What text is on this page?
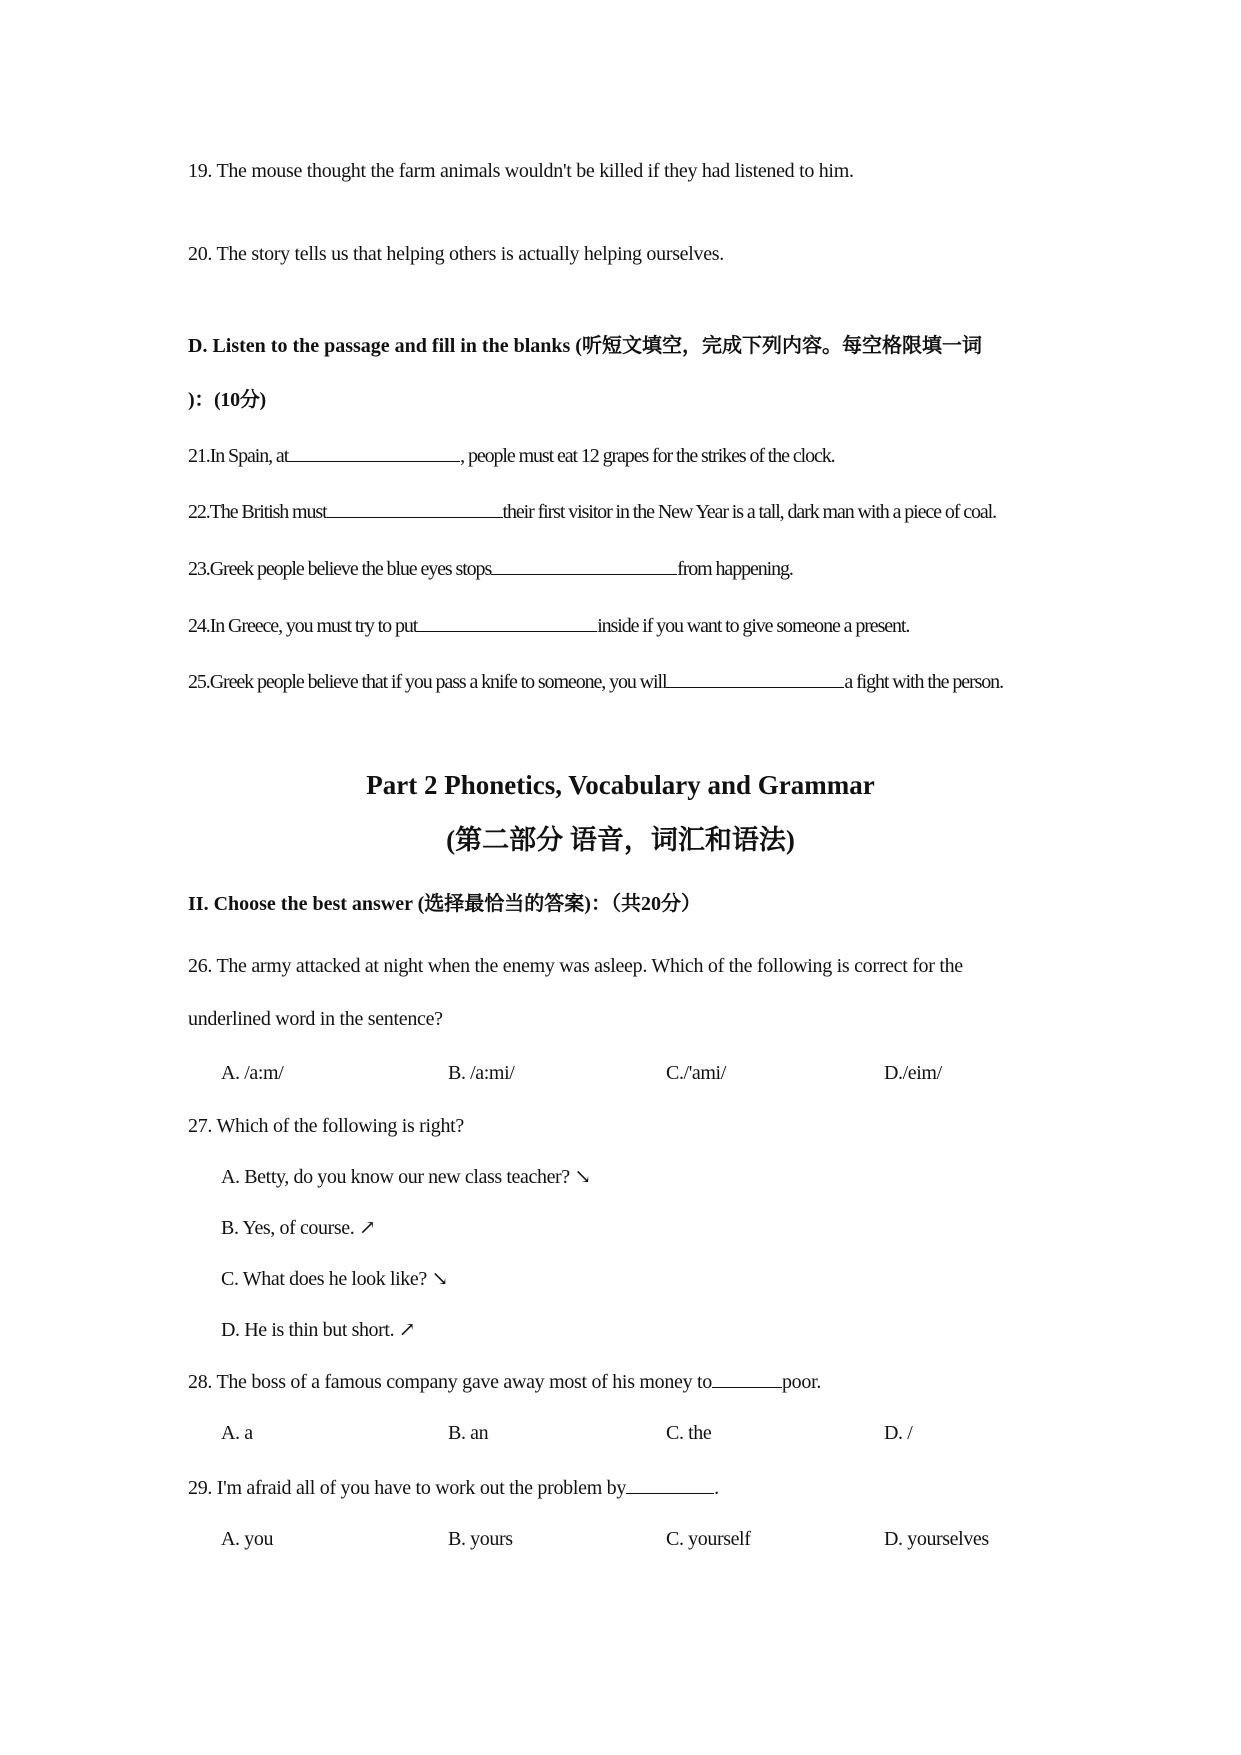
19. The mouse thought the farm animals wouldn't be killed if they had listened to him.
20. The story tells us that helping others is actually helping ourselves.
D. Listen to the passage and fill in the blanks (听短文填空，完成下列内容。每空格限填一词
)：(10分)
21.In Spain, at	, people must eat 12 grapes for the strikes of the clock.
22.The British must	their first visitor in the New Year is a tall, dark man with a piece of coal.
23.Greek people believe the blue eyes stops	from happening.
24.In Greece, you must try to put	inside if you want to give someone a present.
25.Greek people believe that if you pass a knife to someone, you will	a fight with the person.
Part 2 Phonetics, Vocabulary and Grammar
(第二部分 语音，词汇和语法)
II. Choose the best answer (选择最恰当的答案)：（共20分）
26. The army attacked at night when the enemy was asleep. Which of the following is correct for the
underlined word in the sentence?
A. /a:m/	B. /a:mi/	C./'ami/	D./eim/
27. Which of the following is right?
A. Betty, do you know our new class teacher? ↘
B. Yes, of course. ↗
C. What does he look like? ↘
D. He is thin but short. ↗
28. The boss of a famous company gave away most of his money to	poor.
A. a	B. an	C. the	D. /
29. I'm afraid all of you have to work out the problem by	.
A. you	B. yours	C. yourself	D. yourselves
